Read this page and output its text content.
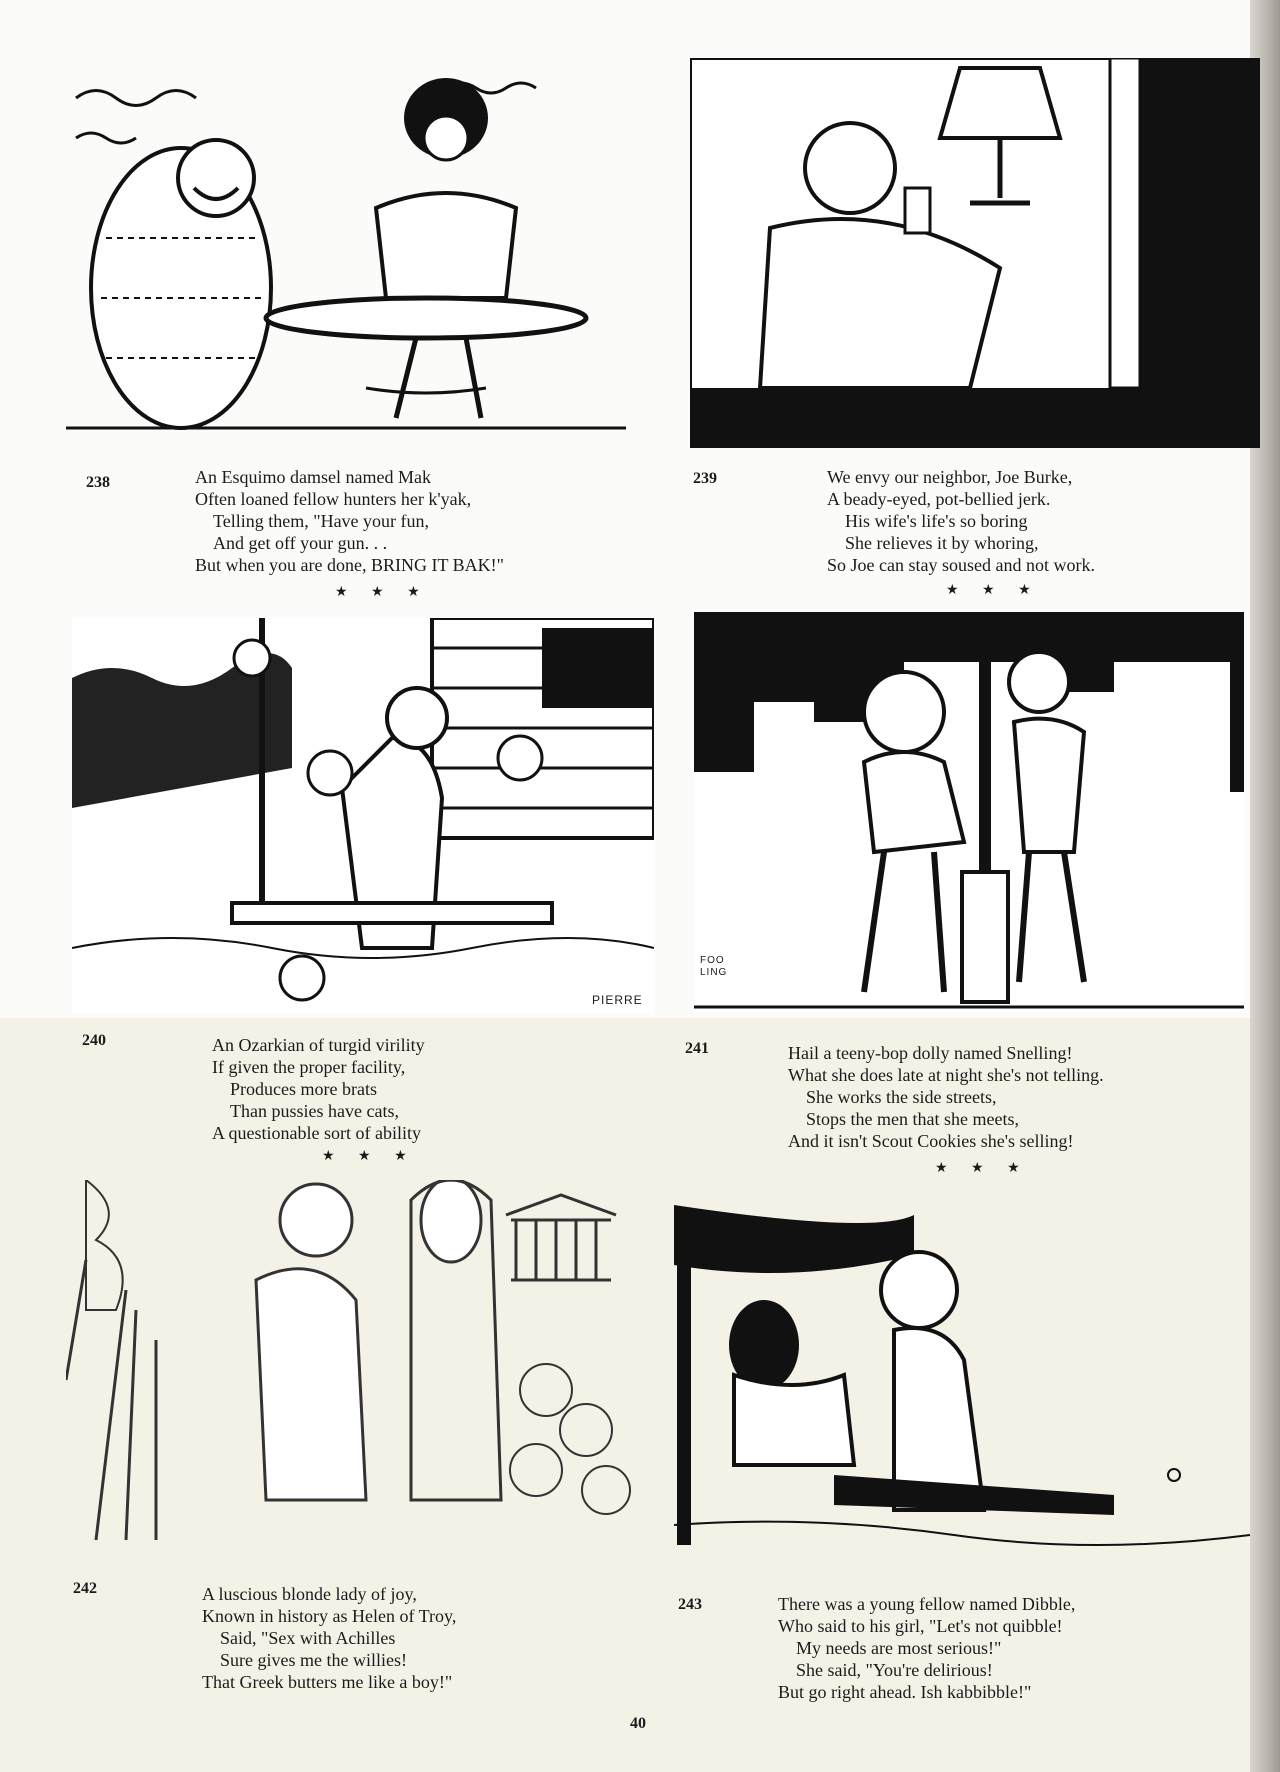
238	An Esquimo damsel named Mak
Often loaned fellow hunters her k'yak,
Telling them, "Have your fun,
And get off your gun. . .
But when you are done, BRING IT BAK!"
★ ★ ★
239	We envy our neighbor, Joe Burke,
A beady-eyed, pot-bellied jerk.
His wife's life's so boring
She relieves it by whoring,
So Joe can stay soused and not work.
★ ★ ★
PIERRE
FOO LING
240	An Ozarkian of turgid virility
If given the proper facility,
Produces more brats
Than pussies have cats,
A questionable sort of ability
★ ★ ★
241	Hail a teeny-bop dolly named Snelling!
What she does late at night she's not telling.
She works the side streets,
Stops the men that she meets,
And it isn't Scout Cookies she's selling!
★ ★ ★
242	A luscious blonde lady of joy,
Known in history as Helen of Troy,
Said, "Sex with Achilles
Sure gives me the willies!
That Greek butters me like a boy!"
243	There was a young fellow named Dibble,
Who said to his girl, "Let's not quibble!
My needs are most serious!"
She said, "You're delirious!
But go right ahead. Ish kabbibble!"
40
